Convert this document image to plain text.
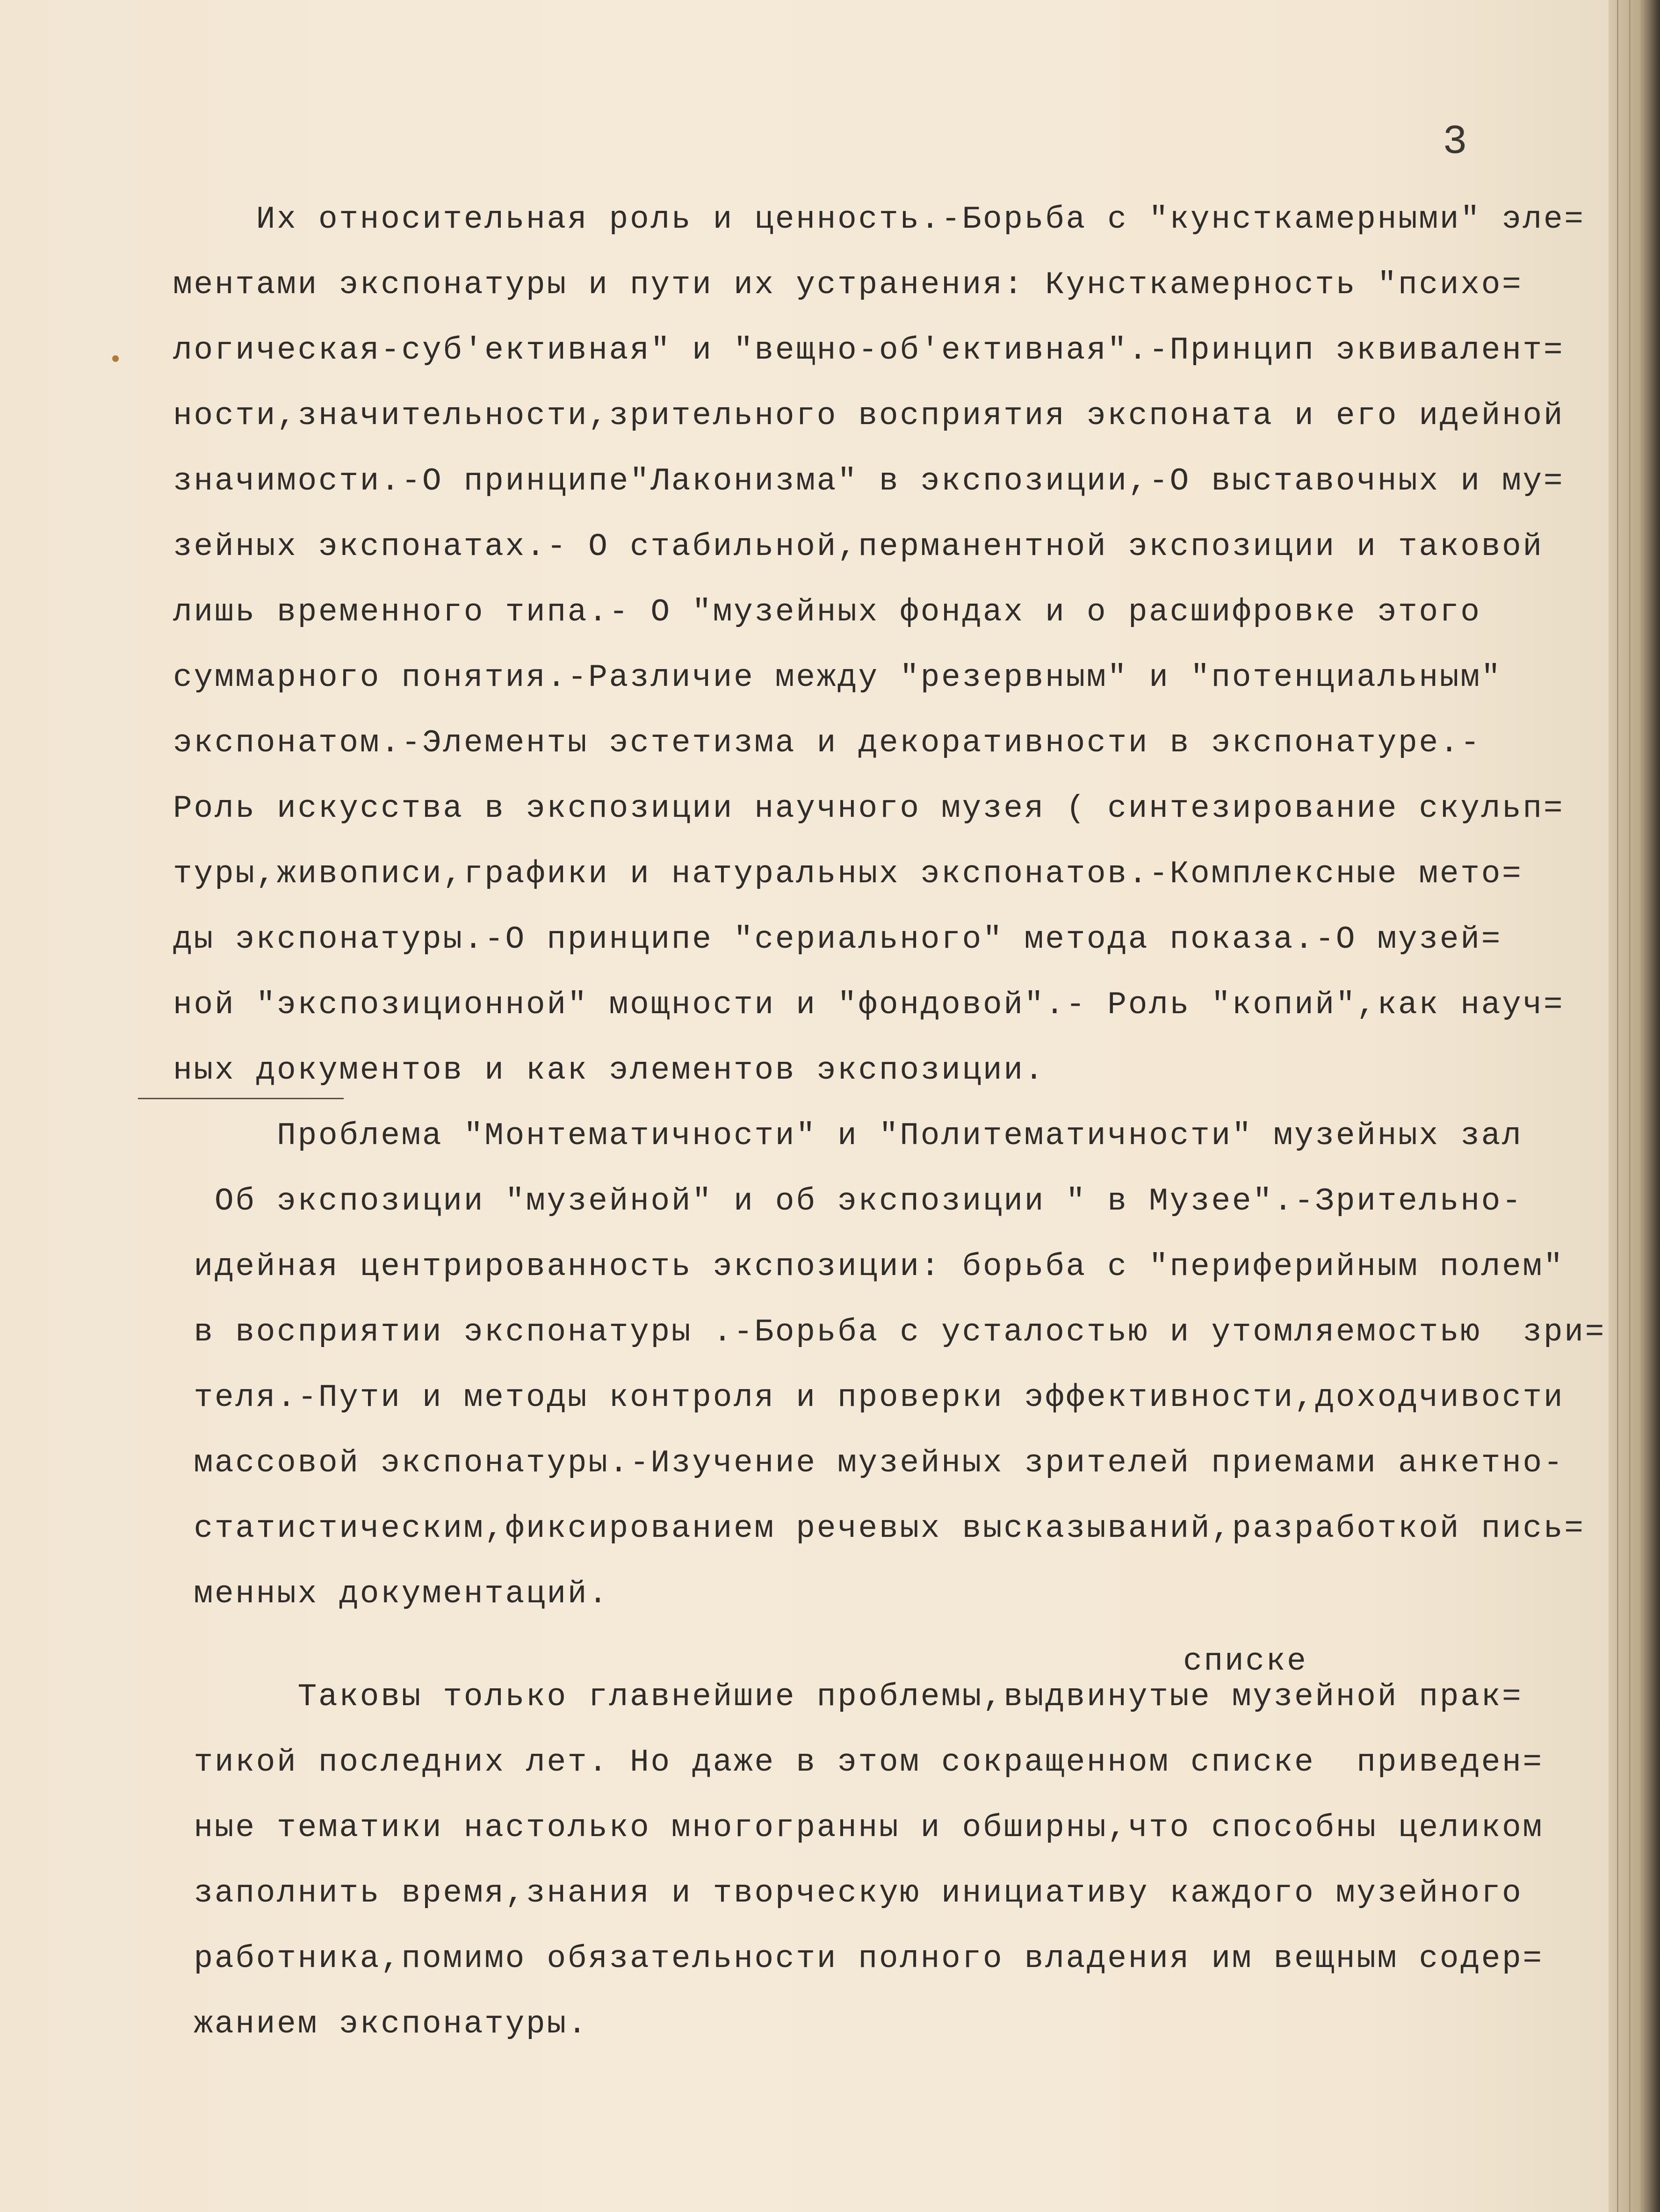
3
Их относительная роль и ценность.-Борьба с "кунсткамерными" эле=
ментами экспонатуры и пути их устранения: Кунсткамерность "психо=
логическая-суб'ективная" и "вещно-об'ективная".-Принцип эквивалент=
ности,значительности,зрительного восприятия экспоната и его идейной
значимости.-О принципе"Лаконизма" в экспозиции,-О выставочных и му=
зейных экспонатах.- О стабильной,перманентной экспозиции и таковой
лишь временного типа.- О "музейных фондах и о расшифровке этого
суммарного понятия.-Различие между "резервным" и "потенциальным"
экспонатом.-Элементы эстетизма и декоративности в экспонатуре.-
Роль искусства в экспозиции научного музея ( синтезирование скульп=
туры,живописи,графики и натуральных экспонатов.-Комплексные мето=
ды экспонатуры.-О принципе "сериального" метода показа.-О музей=
ной "экспозиционной" мощности и "фондовой".- Роль "копий",как науч=
ных документов и как элементов экспозиции.
Проблема "Монтематичности" и "Политематичности" музейных зал
Об экспозиции "музейной" и об экспозиции " в Музее".-Зрительно-
идейная центрированность экспозиции: борьба с "периферийным полем"
в восприятии экспонатуры .-Борьба с усталостью и утомляемостью  зри=
теля.-Пути и методы контроля и проверки эффективности,доходчивости
массовой экспонатуры.-Изучение музейных зрителей приемами анкетно-
статистическим,фиксированием речевых высказываний,разработкой пись=
менных документаций.
Таковы только главнейшие проблемы,выдвинутые музейной прак=
тикой последних лет. Но даже в этом сокращенном списке  приведен=
ные тематики настолько многогранны и обширны,что способны целиком
заполнить время,знания и творческую инициативу каждого музейного
работника,помимо обязательности полного владения им вещным содер=
жанием экспонатуры.
списке
